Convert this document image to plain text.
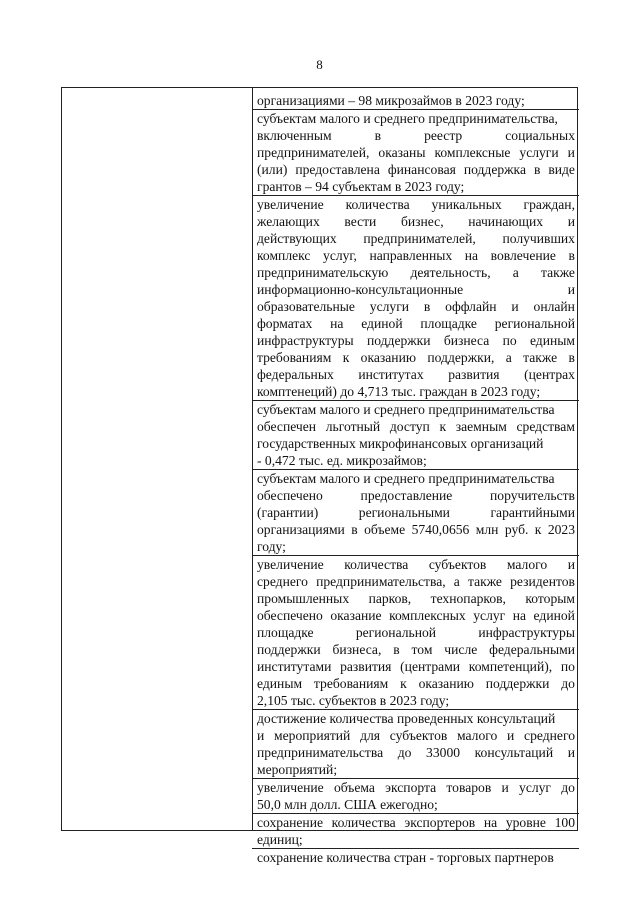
8
организациями – 98 микрозаймов в 2023 году;
субъектам малого и среднего предпринимательства,
включенным	в	реестр	социальных
предпринимателей, оказаны комплексные услуги и
(или) предоставлена финансовая поддержка в виде
грантов – 94 субъектам в 2023 году;
увеличение количества уникальных граждан,
желающих вести бизнес, начинающих и
действующих предпринимателей, получивших
комплекс услуг, направленных на вовлечение в
предпринимательскую деятельность, а также
информационно-консультационные	и
образовательные услуги в оффлайн и онлайн
форматах на единой площадке региональной
инфраструктуры поддержки бизнеса по единым
требованиям к оказанию поддержки, а также в
федеральных институтах развития (центрах
комптенеций) до 4,713 тыс. граждан в 2023 году;
субъектам малого и среднего предпринимательства
обеспечен льготный доступ к заемным средствам
государственных микрофинансовых организаций
- 0,472 тыс. ед. микрозаймов;
субъектам малого и среднего предпринимательства
обеспечено	предоставление	поручительств
(гарантии)	региональными	гарантийными
организациями в объеме 5740,0656 млн руб. к 2023
году;
увеличение количества субъектов малого и
среднего предпринимательства, а также резидентов
промышленных парков, технопарков, которым
обеспечено оказание комплексных услуг на единой
площадке	региональной	инфраструктуры
поддержки бизнеса, в том числе федеральными
институтами развития (центрами компетенций), по
единым требованиям к оказанию поддержки до
2,105 тыс. субъектов в 2023 году;
достижение количества проведенных консультаций
и мероприятий для субъектов малого и среднего
предпринимательства до 33000 консультаций и
мероприятий;
увеличение объема экспорта товаров и услуг до
50,0 млн долл. США ежегодно;
сохранение количества экспортеров на уровне 100
единиц;
сохранение количества стран - торговых партнеров
